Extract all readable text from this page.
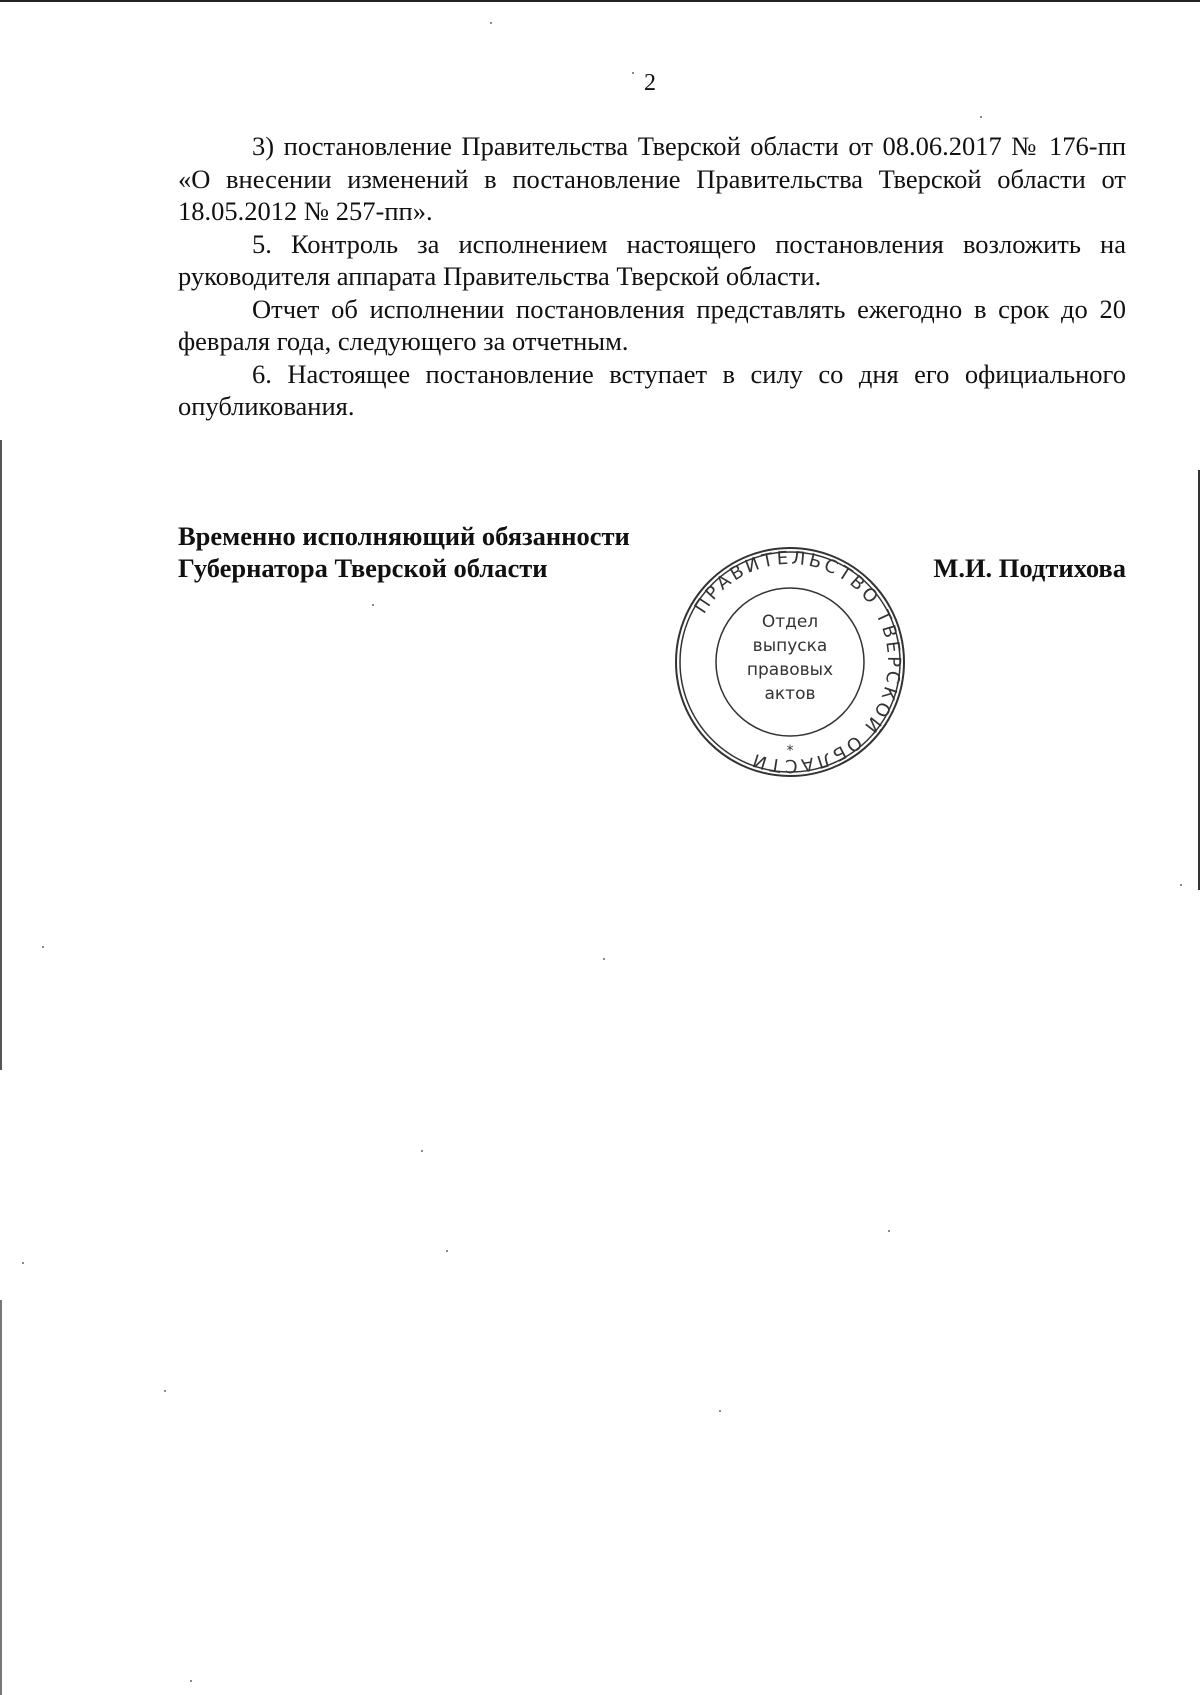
2

3) постановление Правительства Тверской области от 08.06.2017 № 176-пп «О внесении изменений в постановление Правительства Тверской области от 18.05.2012 № 257-пп».

5. Контроль за исполнением настоящего постановления возложить на руководителя аппарата Правительства Тверской области.

Отчет об исполнении постановления представлять ежегодно в срок до 20 февраля года, следующего за отчетным.

6. Настоящее постановление вступает в силу со дня его официального опубликования.

Временно исполняющий обязанности
Губернатора Тверской области	М.И. Подтихова
ПРАВИТЕЛЬСТВО ТВЕРСКОЙ ОБЛАСТИ
Отдел
выпуска
правовых
актов
*
